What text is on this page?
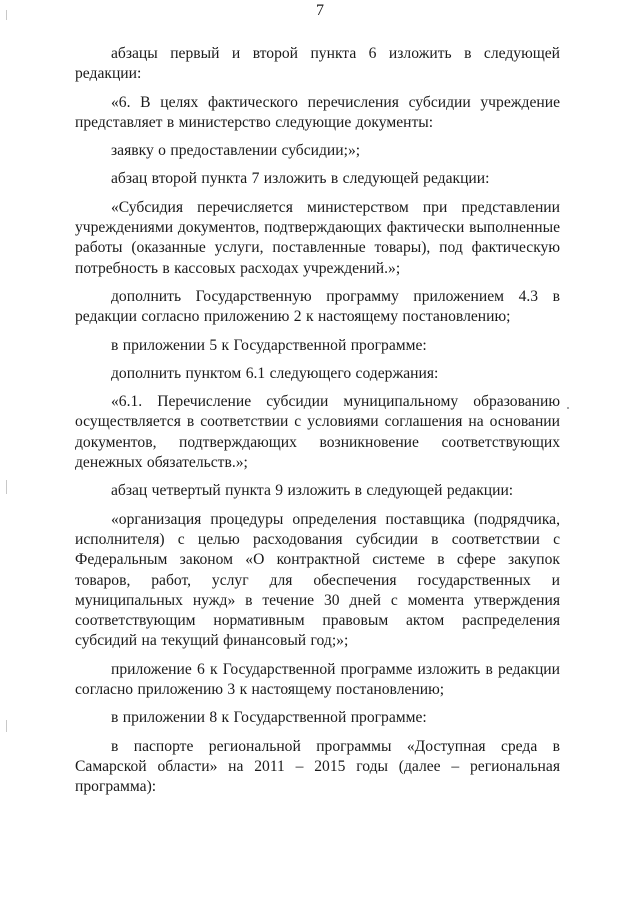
7

абзацы первый и второй пункта 6 изложить в следующей редакции:

«6. В целях фактического перечисления субсидии учреждение представляет в министерство следующие документы:

заявку о предоставлении субсидии;»;

абзац второй пункта 7 изложить в следующей редакции:

«Субсидия перечисляется министерством при представлении учреждениями документов, подтверждающих фактически выполненные работы (оказанные услуги, поставленные товары), под фактическую потребность в кассовых расходах учреждений.»;

дополнить Государственную программу приложением 4.3 в редакции согласно приложению 2 к настоящему постановлению;

в приложении 5 к Государственной программе:

дополнить пунктом 6.1 следующего содержания:

«6.1. Перечисление субсидии муниципальному образованию осуществляется в соответствии с условиями соглашения на основании документов, подтверждающих возникновение соответствующих денежных обязательств.»;

абзац четвертый пункта 9 изложить в следующей редакции:

«организация процедуры определения поставщика (подрядчика, исполнителя) с целью расходования субсидии в соответствии с Федеральным законом «О контрактной системе в сфере закупок товаров, работ, услуг для обеспечения государственных и муниципальных нужд» в течение 30 дней с момента утверждения соответствующим нормативным правовым актом распределения субсидий на текущий финансовый год;»;

приложение 6 к Государственной программе изложить в редакции согласно приложению 3 к настоящему постановлению;

в приложении 8 к Государственной программе:

в паспорте региональной программы «Доступная среда в Самарской области» на 2011 – 2015 годы (далее – региональная программа):
